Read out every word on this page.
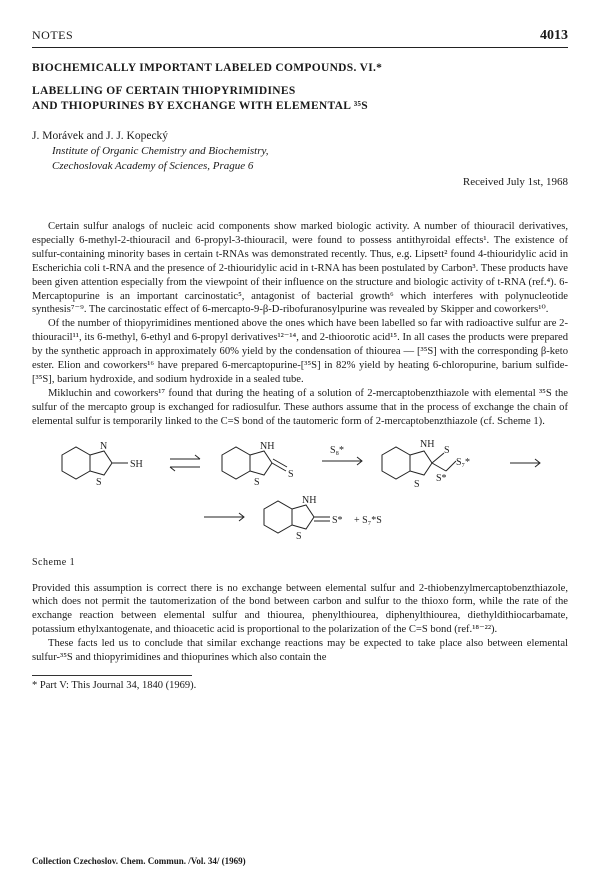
NOTES	4013
BIOCHEMICALLY IMPORTANT LABELED COMPOUNDS. VI.*
LABELLING OF CERTAIN THIOPYRIMIDINES
AND THIOPURINES BY EXCHANGE WITH ELEMENTAL ³⁵S
J. Morávek and J. J. Kopecký
Institute of Organic Chemistry and Biochemistry,
Czechoslovak Academy of Sciences, Prague 6
Received July 1st, 1968

Certain sulfur analogs of nucleic acid components show marked biologic activity. A number of thiouracil derivatives, especially 6-methyl-2-thiouracil and 6-propyl-3-thiouracil, were found to possess antithyroidal effects¹. The existence of sulfur-containing minority bases in certain t-RNAs was demonstrated recently. Thus, e.g. Lipsett² found 4-thiouridylic acid in Escherichia coli t-RNA and the presence of 2-thiouridylic acid in t-RNA has been postulated by Carbon³. These products have been given attention especially from the viewpoint of their influence on the structure and biologic activity of t-RNA (ref.⁴). 6-Mercaptopurine is an important carcinostatic⁵, antagonist of bacterial growth⁶ which interferes with polynucleotide synthesis⁷⁻⁹. The carcinostatic effect of 6-mercapto-9-β-D-ribofuranosylpurine was revealed by Skipper and coworkers¹⁰.

Of the number of thiopyrimidines mentioned above the ones which have been labelled so far with radioactive sulfur are 2-thiouracil¹¹, its 6-methyl, 6-ethyl and 6-propyl derivatives¹²⁻¹⁴, and 2-thioorotic acid¹⁵. In all cases the products were prepared by the synthetic approach in approximately 60% yield by the condensation of thiourea — [³⁵S] with the corresponding β-keto ester. Elion and coworkers¹⁶ have prepared 6-mercaptopurine-[³⁵S] in 82% yield by heating 6-chloropurine, barium sulfide-[³⁵S], barium hydroxide, and sodium hydroxide in a sealed tube.

Mikluchin and coworkers¹⁷ found that during the heating of a solution of 2-mercaptobenzthiazole with elemental ³⁵S the sulfur of the mercapto group is exchanged for radiosulfur. These authors assume that in the process of exchange the chain of elemental sulfur is temporarily linked to the C=S bond of the tautomeric form of 2-mercaptobenzthiazole (cf. Scheme 1).

N
S
SH
NH
S
S
S₈*
NH
S
S
S*
S₇*
NH
S
S* + S₇*S
Scheme 1

Provided this assumption is correct there is no exchange between elemental sulfur and 2-thiobenzylmercaptobenzthiazole, which does not permit the tautomerization of the bond between carbon and sulfur to the thioxo form, while the rate of the exchange reaction between elemental sulfur and thiourea, phenylthiourea, diphenylthiourea, diethyldithiocarbamate, potassium ethylxantogenate, and thioacetic acid is proportional to the polarization of the C=S bond (ref.¹⁸⁻²²).

These facts led us to conclude that similar exchange reactions may be expected to take place also between elemental sulfur-³⁵S and thiopyrimidines and thiopurines which also contain the

* Part V: This Journal 34, 1840 (1969).
Collection Czechoslov. Chem. Commun. /Vol. 34/ (1969)
